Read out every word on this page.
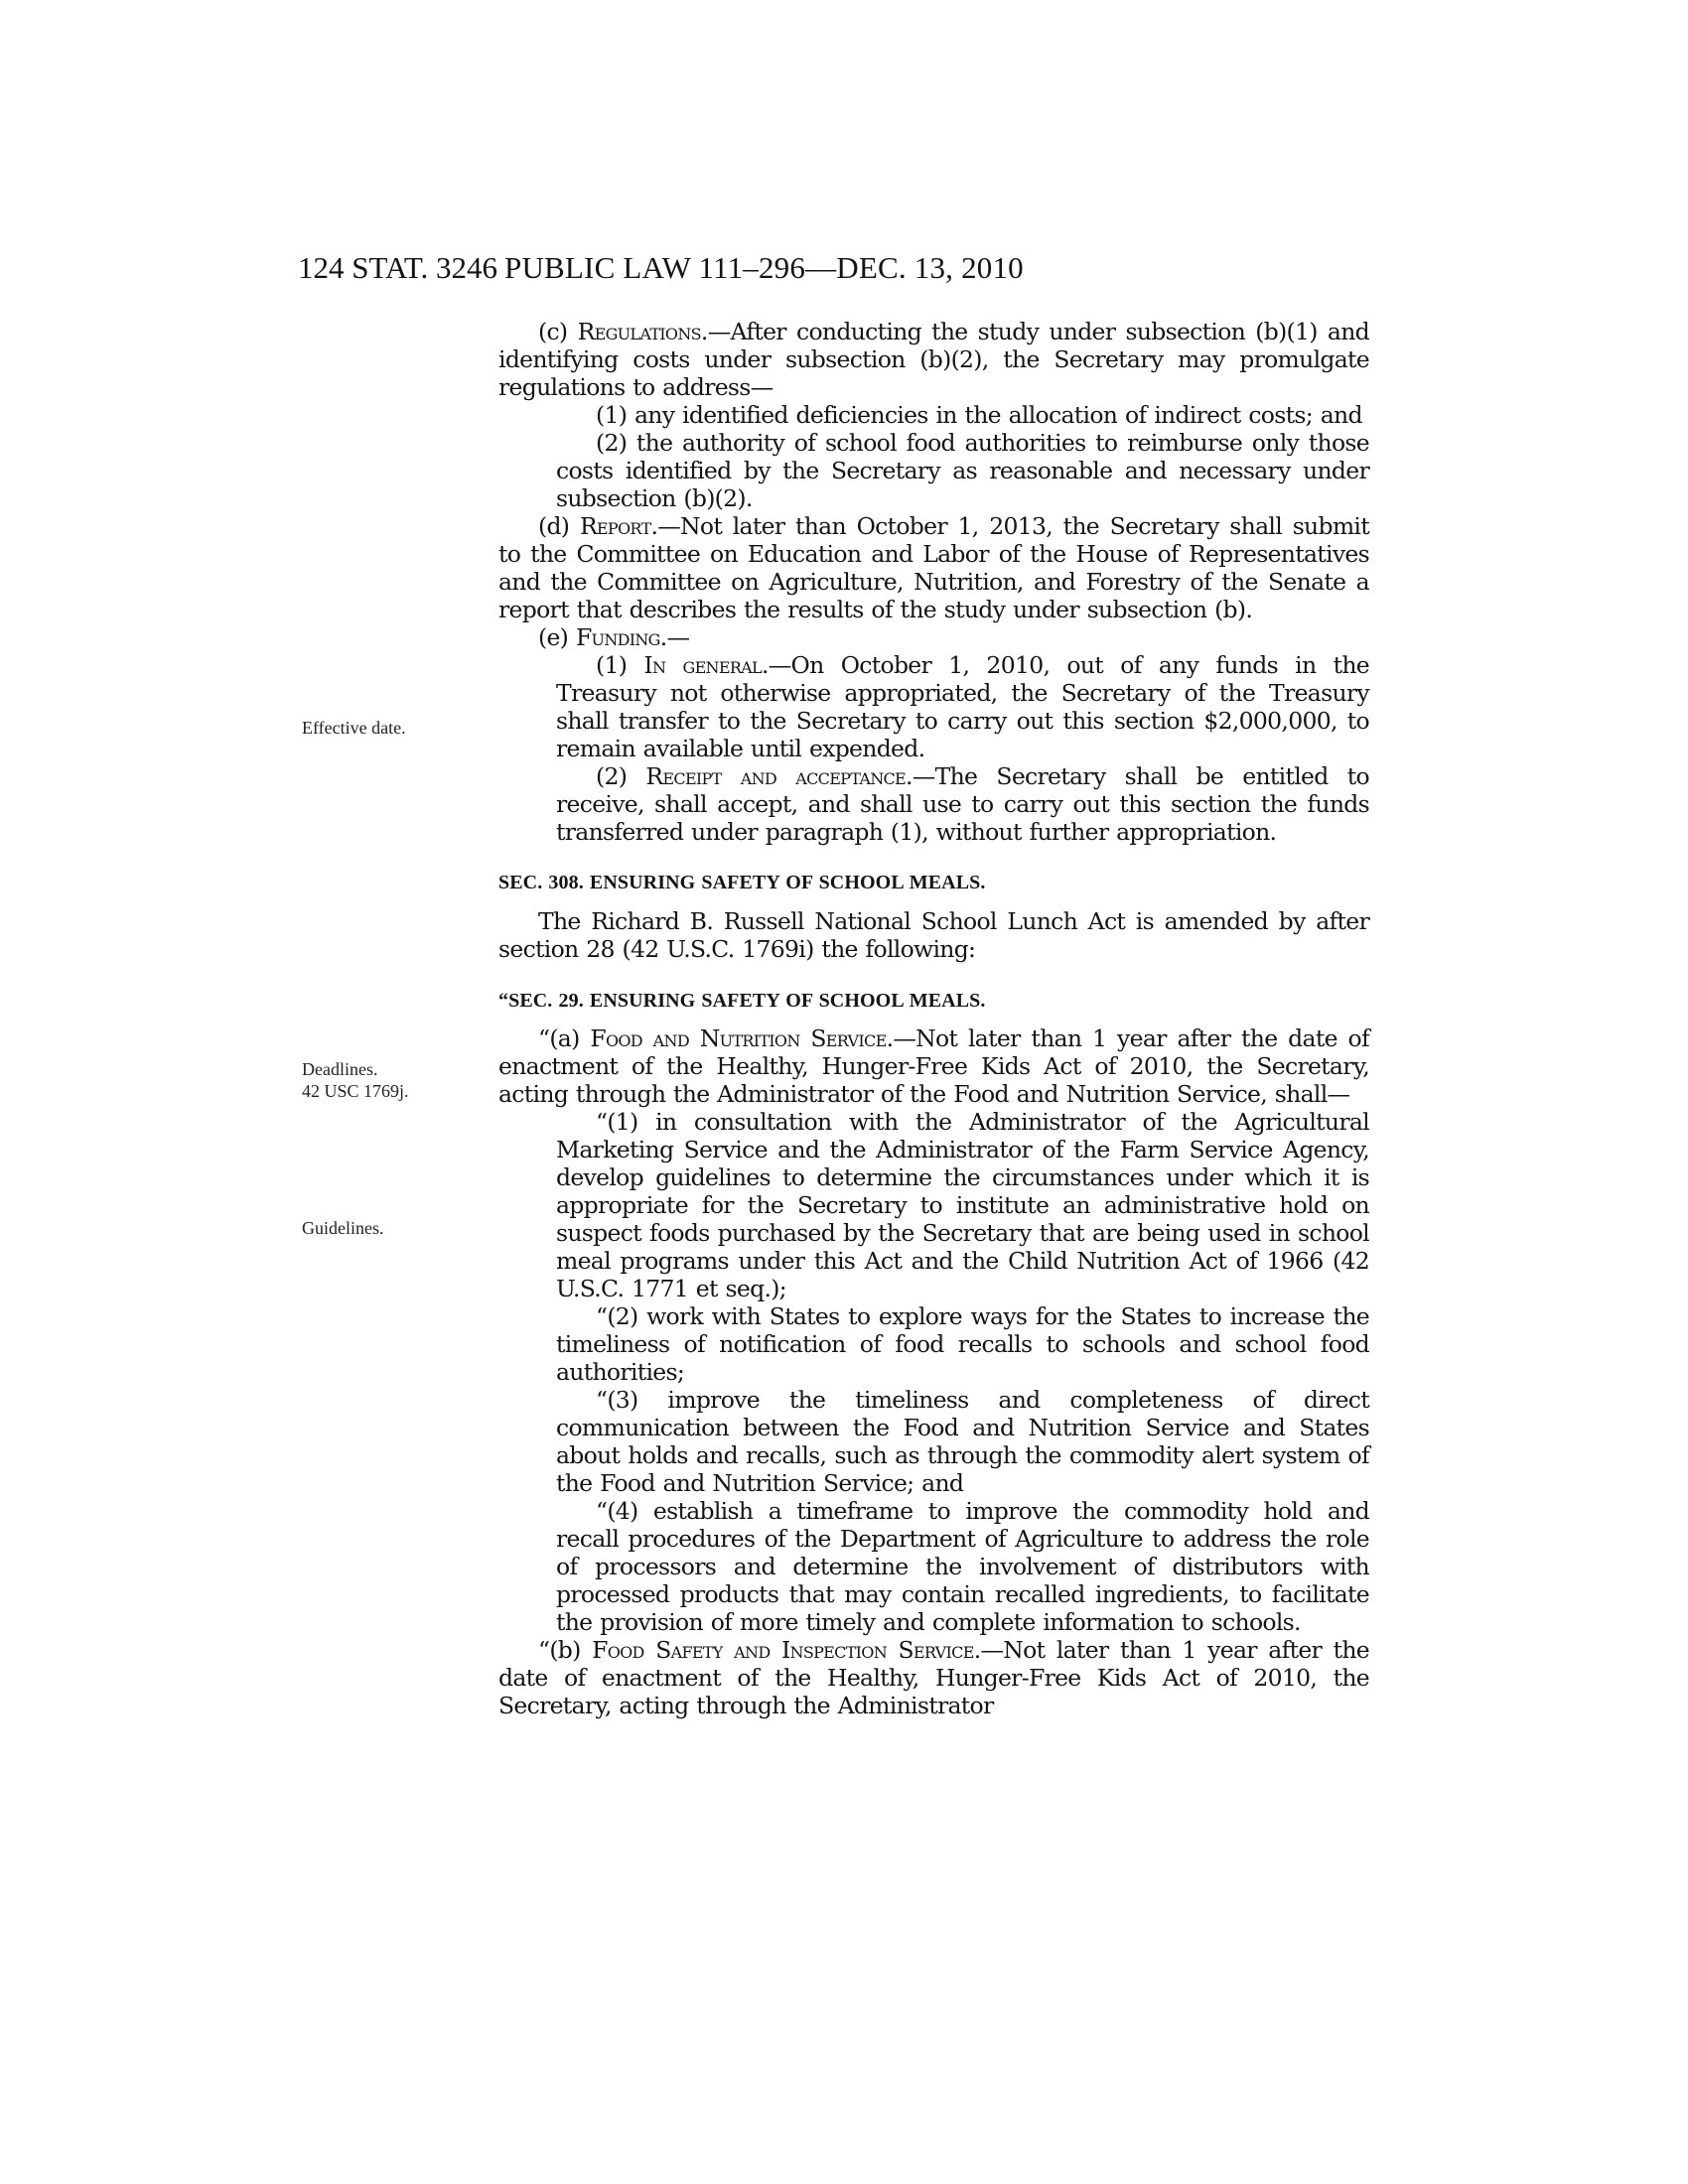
124 STAT. 3246 PUBLIC LAW 111–296—DEC. 13, 2010
Effective date.
Deadlines.
42 USC 1769j.
Guidelines.

(c) Regulations.—After conducting the study under subsection (b)(1) and identifying costs under subsection (b)(2), the Secretary may promulgate regulations to address—

(1) any identified deficiencies in the allocation of indirect costs; and

(2) the authority of school food authorities to reimburse only those costs identified by the Secretary as reasonable and necessary under subsection (b)(2).

(d) Report.—Not later than October 1, 2013, the Secretary shall submit to the Committee on Education and Labor of the House of Representatives and the Committee on Agriculture, Nutrition, and Forestry of the Senate a report that describes the results of the study under subsection (b).

(e) Funding.—

(1) In general.—On October 1, 2010, out of any funds in the Treasury not otherwise appropriated, the Secretary of the Treasury shall transfer to the Secretary to carry out this section $2,000,000, to remain available until expended.

(2) Receipt and acceptance.—The Secretary shall be entitled to receive, shall accept, and shall use to carry out this section the funds transferred under paragraph (1), without further appropriation.

SEC. 308. ENSURING SAFETY OF SCHOOL MEALS.

The Richard B. Russell National School Lunch Act is amended by after section 28 (42 U.S.C. 1769i) the following:

“SEC. 29. ENSURING SAFETY OF SCHOOL MEALS.

“(a) Food and Nutrition Service.—Not later than 1 year after the date of enactment of the Healthy, Hunger-Free Kids Act of 2010, the Secretary, acting through the Administrator of the Food and Nutrition Service, shall—

“(1) in consultation with the Administrator of the Agricultural Marketing Service and the Administrator of the Farm Service Agency, develop guidelines to determine the circumstances under which it is appropriate for the Secretary to institute an administrative hold on suspect foods purchased by the Secretary that are being used in school meal programs under this Act and the Child Nutrition Act of 1966 (42 U.S.C. 1771 et seq.);

“(2) work with States to explore ways for the States to increase the timeliness of notification of food recalls to schools and school food authorities;

“(3) improve the timeliness and completeness of direct communication between the Food and Nutrition Service and States about holds and recalls, such as through the commodity alert system of the Food and Nutrition Service; and

“(4) establish a timeframe to improve the commodity hold and recall procedures of the Department of Agriculture to address the role of processors and determine the involvement of distributors with processed products that may contain recalled ingredients, to facilitate the provision of more timely and complete information to schools.

“(b) Food Safety and Inspection Service.—Not later than 1 year after the date of enactment of the Healthy, Hunger-Free Kids Act of 2010, the Secretary, acting through the Administrator
